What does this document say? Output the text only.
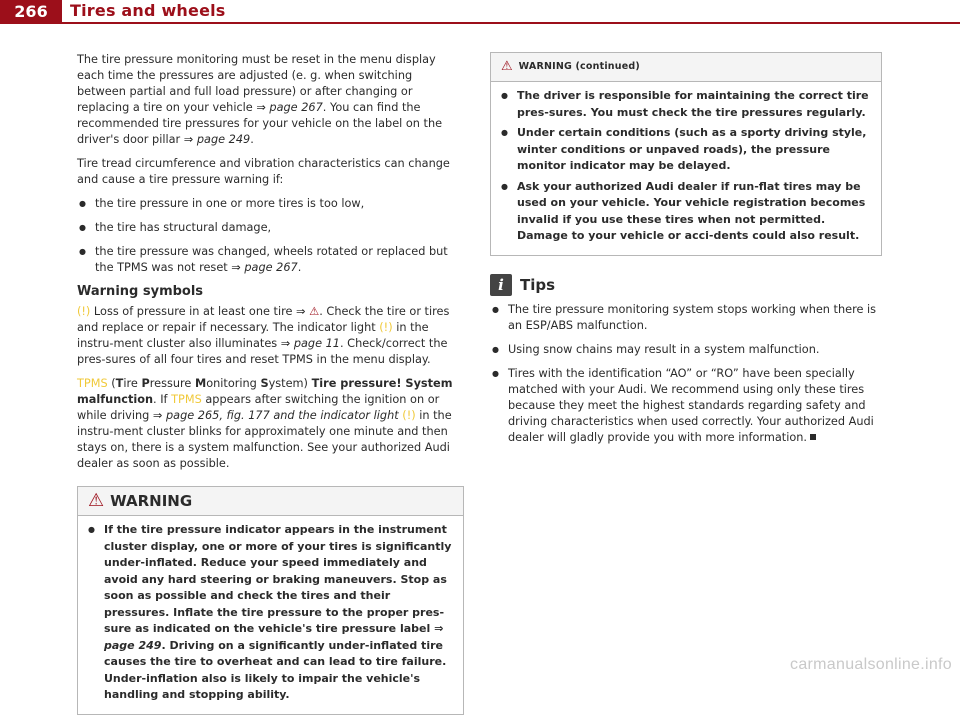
266	Tires and wheels

The tire pressure monitoring must be reset in the menu display each time the pressures are adjusted (e. g. when switching between partial and full load pressure) or after changing or replacing a tire on your vehicle ⇒ page 267. You can find the recommended tire pressures for your vehicle on the label on the driver's door pillar ⇒ page 249.

Tire tread circumference and vibration characteristics can change and cause a tire pressure warning if:

● the tire pressure in one or more tires is too low,
● the tire has structural damage,
● the tire pressure was changed, wheels rotated or replaced but the TPMS was not reset ⇒ page 267.
Warning symbols

(!) Loss of pressure in at least one tire ⇒ ⚠. Check the tire or tires and replace or repair if necessary. The indicator light (!) in the instru-ment cluster also illuminates ⇒ page 11. Check/correct the pres-sures of all four tires and reset TPMS in the menu display.

TPMS (Tire Pressure Monitoring System) Tire pressure! System malfunction. If TPMS appears after switching the ignition on or while driving ⇒ page 265, fig. 177 and the indicator light (!) in the instru-ment cluster blinks for approximately one minute and then stays on, there is a system malfunction. See your authorized Audi dealer as soon as possible.

⚠ WARNING
● If the tire pressure indicator appears in the instrument cluster display, one or more of your tires is significantly under-inflated. Reduce your speed immediately and avoid any hard steering or braking maneuvers. Stop as soon as possible and check the tires and their pressures. Inflate the tire pressure to the proper pres-sure as indicated on the vehicle's tire pressure label ⇒ page 249. Driving on a significantly under-inflated tire causes the tire to overheat and can lead to tire failure. Under-inflation also is likely to impair the vehicle's handling and stopping ability.
⚠ WARNING (continued)
● The driver is responsible for maintaining the correct tire pres-sures. You must check the tire pressures regularly.
● Under certain conditions (such as a sporty driving style, winter conditions or unpaved roads), the pressure monitor indicator may be delayed.
● Ask your authorized Audi dealer if run-flat tires may be used on your vehicle. Your vehicle registration becomes invalid if you use these tires when not permitted. Damage to your vehicle or acci-dents could also result.
i	Tips
● The tire pressure monitoring system stops working when there is an ESP/ABS malfunction.
● Using snow chains may result in a system malfunction.
● Tires with the identification “AO” or “RO” have been specially matched with your Audi. We recommend using only these tires because they meet the highest standards regarding safety and driving characteristics when used correctly. Your authorized Audi dealer will gladly provide you with more information.
carmanualsonline.info
